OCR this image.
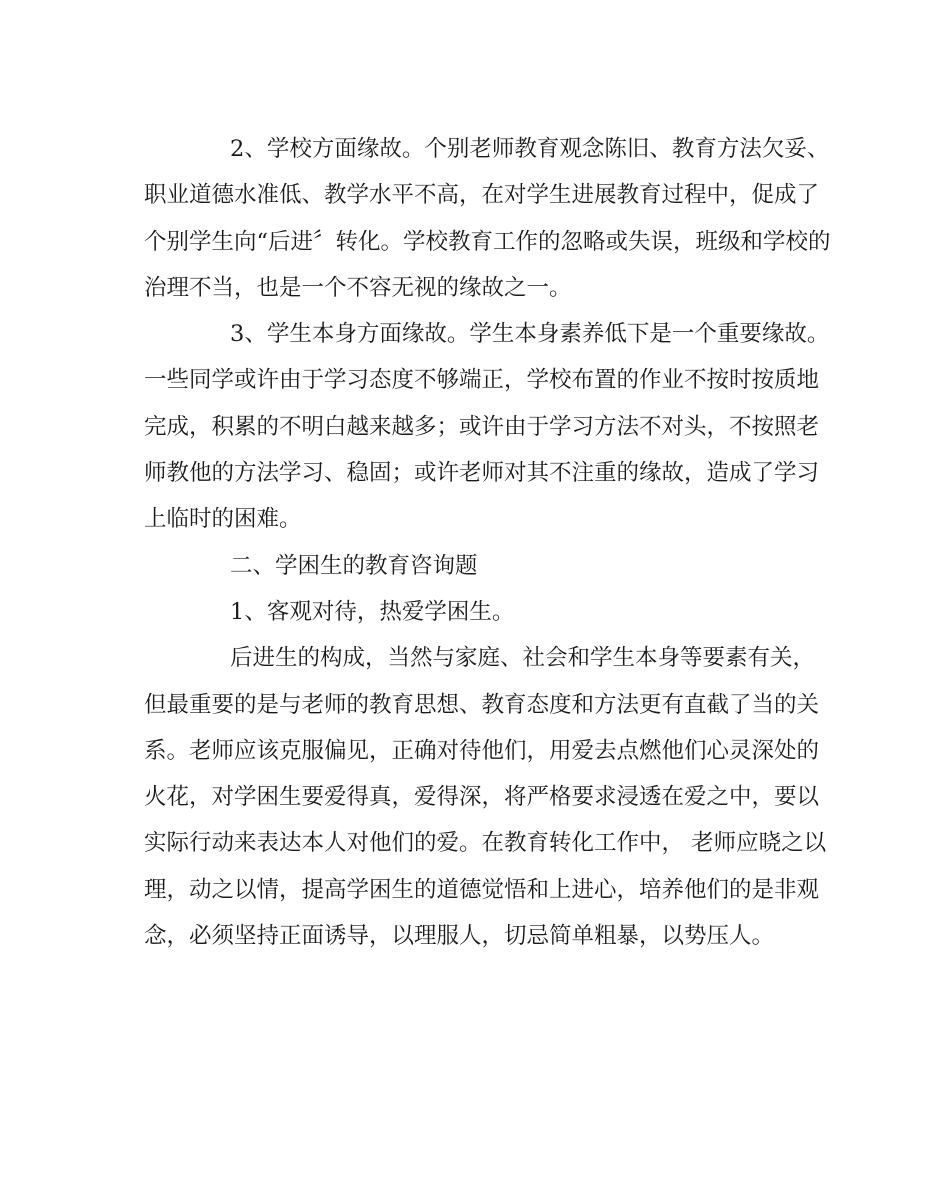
2、学校方面缘故。个别老师教育观念陈旧、教育方法欠妥、
职业道德水准低、教学水平不高，在对学生进展教育过程中，促成了
个别学生向“后进〞转化。学校教育工作的忽略或失误，班级和学校的
治理不当，也是一个不容无视的缘故之一。
3、学生本身方面缘故。学生本身素养低下是一个重要缘故。
一些同学或许由于学习态度不够端正，学校布置的作业不按时按质地
完成，积累的不明白越来越多；或许由于学习方法不对头，不按照老
师教他的方法学习、稳固；或许老师对其不注重的缘故，造成了学习
上临时的困难。
二、学困生的教育咨询题
1、客观对待，热爱学困生。
后进生的构成，当然与家庭、社会和学生本身等要素有关，
但最重要的是与老师的教育思想、教育态度和方法更有直截了当的关
系。老师应该克服偏见，正确对待他们，用爱去点燃他们心灵深处的
火花，对学困生要爱得真，爱得深，将严格要求浸透在爱之中，要以
实际行动来表达本人对他们的爱。在教育转化工作中， 老师应晓之以
理，动之以情，提高学困生的道德觉悟和上进心，培养他们的是非观
念，必须坚持正面诱导，以理服人，切忌简单粗暴，以势压人。
